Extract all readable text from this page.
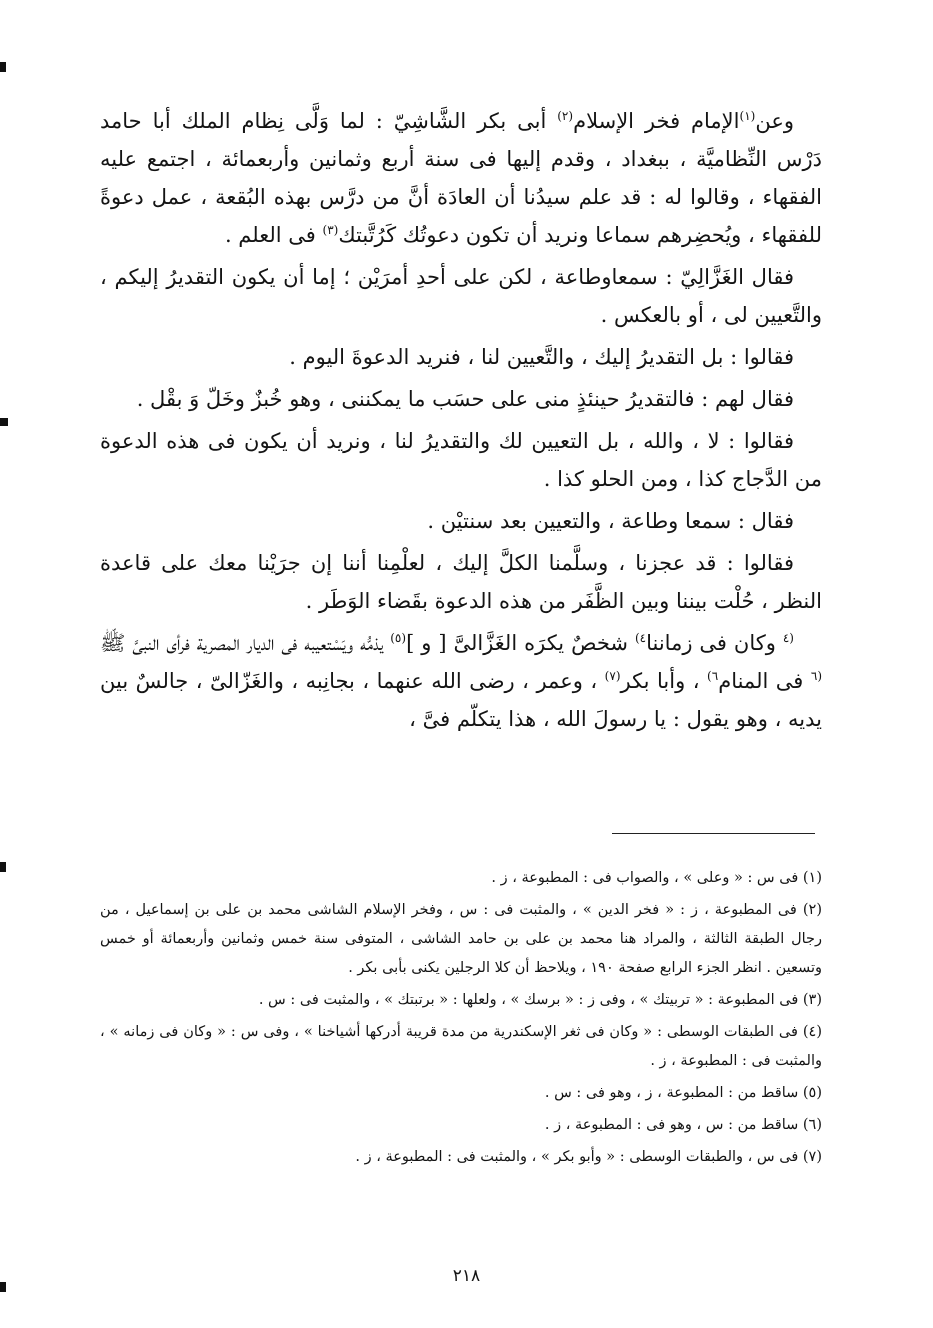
وعن$^{(١)}$الإمام فخر الإسلام$^{(٢)}$ أبى بكر الشَّاشِيّ : لما وَلَّى نِظام الملك أبا حامد دَرْس النِّظاميَّة ، ببغداد ، وقدم إليها فى سنة أربع وثمانين وأربعمائة ، اجتمع عليه الفقهاء ، وقالوا له : قد علم سيدُنا أن العادَة أنَّ من درَّس بهذه البُقعة ، عمل دعوةً للفقهاء ، ويُحضِرهم سماعا ونريد أن تكون دعوتُك كَرُتَّبتك$^{(٣)}$ فى العلم .

فقال الغَزَّالِيّ : سمعاوطاعة ، لكن على أحدِ أمرَيْن ؛ إما أن يكون التقديرُ إليكم ، والتَّعيين لى ، أو بالعكس .

فقالوا : بل التقديرُ إليك ، والتَّعيين لنا ، فنريد الدعوةَ اليوم .

فقال لهم : فالتقديرُ حينئذٍ منى على حسَب ما يمكننى ، وهو خُبزٌ وخَلّ وَ بقْل .

فقالوا : لا ، والله ، بل التعيين لك والتقديرُ لنا ، ونريد أن يكون فى هذه الدعوة من الدَّجاج كذا ، ومن الحلو كذا .

فقال : سمعا وطاعة ، والتعيين بعد سنتيْن .

فقالوا : قد عجزنا ، وسلَّمنا الكلَّ إليك ، لعلْمِنا أننا إن جرَيْنا معك على قاعدة النظر ، حُلْت بيننا وبين الظَّفَر من هذه الدعوة بقَضاء الوَطَر .

$^{(٤}$ وكان فى زماننا$^{٤)}$ شخصٌ يكرَه الغَزَّالىَّ [ و ]$^{(٥)}$ يذمُّه ويَسْتعيبه فى الديار المصرية فرأى النبىَّ ﷺ $^{(٦}$ فى المنام$^{٦)}$ ، وأبا بكر$^{(٧)}$ ، وعمر ، رضى الله عنهما ، بجانِبه ، والغَزّالىّ ، جالسٌ بين يديه ، وهو يقول : يا رسولَ الله ، هذا يتكلّم فىَّ ،

(١) فى س : « وعلى » ، والصواب فى : المطبوعة ، ز .

(٢) فى المطبوعة ، ز : « فخر الدين » ، والمثبت فى : س ، وفخر الإسلام الشاشى محمد بن على بن إسماعيل ، من رجال الطبقة الثالثة ، والمراد هنا محمد بن على بن حامد الشاشى ، المتوفى سنة خمس وثمانين وأربعمائة أو خمس وتسعين . انظر الجزء الرابع صفحة ١٩٠ ، ويلاحظ أن كلا الرجلين يكنى بأبى بكر .

(٣) فى المطبوعة : « تربيتك » ، وفى ز : « برسك » ، ولعلها : « برتبتك » ، والمثبت فى : س .

(٤) فى الطبقات الوسطى : « وكان فى ثغر الإسكندرية من مدة قريبة أدركها أشياخنا » ، وفى س : « وكان فى زمانه » ، والمثبت فى : المطبوعة ، ز .

(٥) ساقط من : المطبوعة ، ز ، وهو فى : س .

(٦) ساقط من : س ، وهو فى : المطبوعة ، ز .

(٧) فى س ، والطبقات الوسطى : « وأبو بكر » ، والمثبت فى : المطبوعة ، ز .

٢١٨
